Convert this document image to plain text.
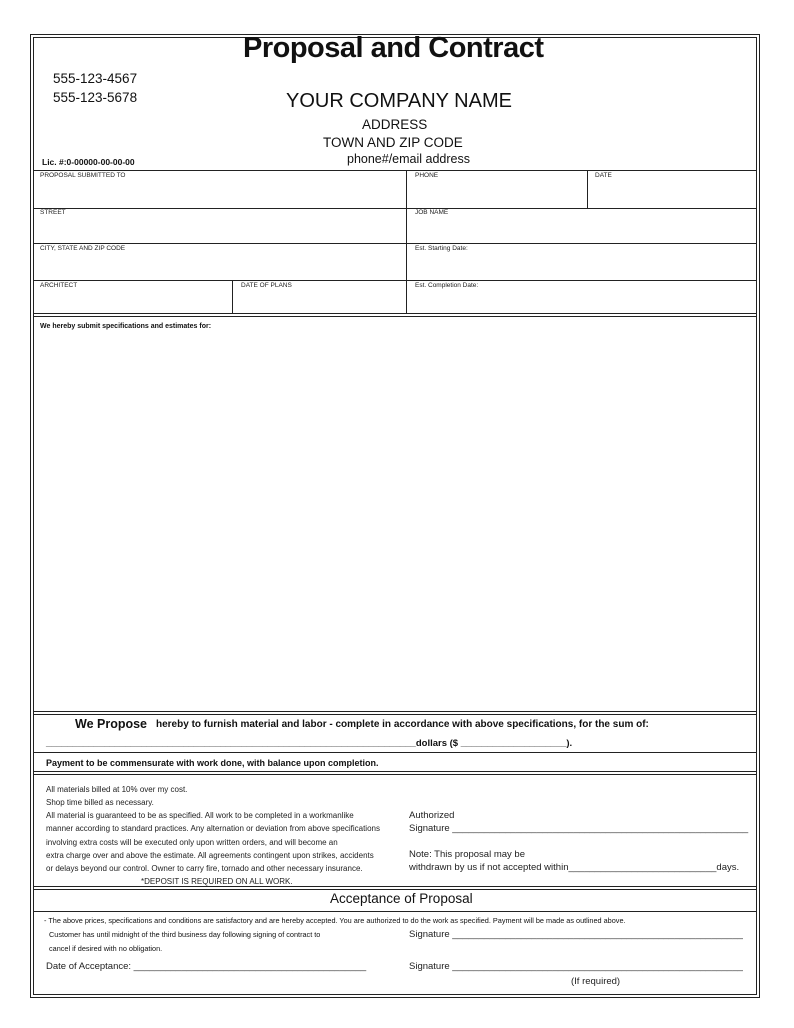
Proposal and Contract
555-123-4567
555-123-5678	YOUR COMPANY NAME
ADDRESS
TOWN AND ZIP CODE
phone#/email address
Lic. #:0-00000-00-00-00
PROPOSAL SUBMITTED TO	PHONE	DATE
STREET	JOB NAME
CITY, STATE AND ZIP CODE	Est. Starting Date:
ARCHITECT	DATE OF PLANS	Est. Completion Date:
We hereby submit specifications and estimates for:
We Propose hereby to furnish material and labor - complete in accordance with above specifications, for the sum of:
______________________________________________________________________dollars ($ ____________________).
Payment to be commensurate with work done, with balance upon completion.
All materials billed at 10% over my cost.
Shop time billed as necessary.
All material is guaranteed to be as specified. All work to be completed in a workmanlike
manner according to standard practices. Any alternation or deviation from above specifications
involving extra costs will be executed only upon written orders, and will become an
extra charge over and above the estimate. All agreements contingent upon strikes, accidents
or delays beyond our control. Owner to carry fire, tornado and other necessary insurance.
*DEPOSIT IS REQUIRED ON ALL WORK.
Authorized
Signature ________________________________________________________
Note: This proposal may be
withdrawn by us if not accepted within____________________________days.
Acceptance of Proposal
- The above prices, specifications and conditions are satisfactory and are hereby accepted. You are authorized to do the work as specified. Payment will be made as outlined above.
Customer has until midnight of the third business day following signing of contract to
cancel if desired with no obligation.
Signature _______________________________________________________
Date of Acceptance: ____________________________________________	Signature _______________________________________________________
(If required)
